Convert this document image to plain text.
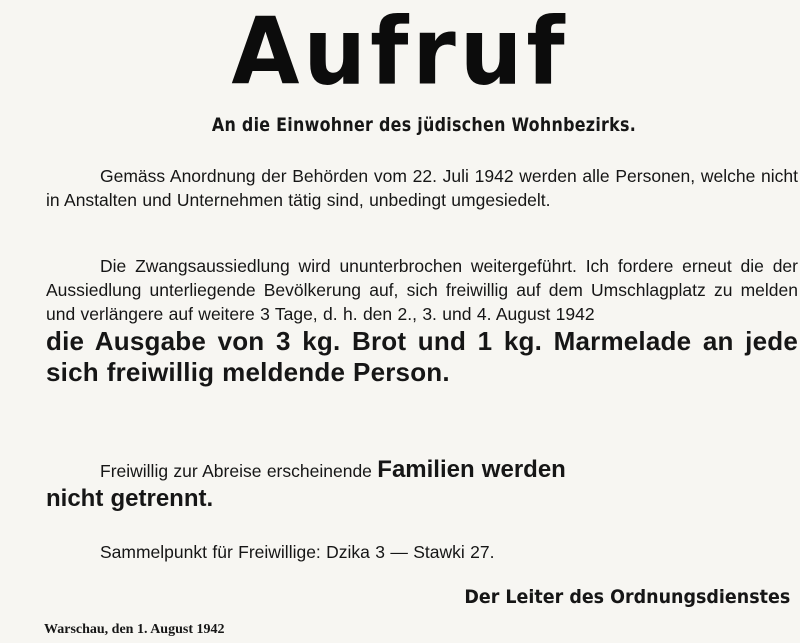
Aufruf
An die Einwohner des jüdischen Wohnbezirks.
Gemäss Anordnung der Behörden vom 22. Juli 1942 werden alle Personen, welche nicht in Anstalten und Unternehmen tätig sind, unbedingt umgesiedelt.
Die Zwangsaussiedlung wird ununterbrochen weitergeführt. Ich fordere erneut die der Aussiedlung unterliegende Bevölkerung auf, sich freiwillig auf dem Umschlagplatz zu melden und verlängere auf weitere 3 Tage, d. h. den 2., 3. und 4. August 1942
die Ausgabe von 3 kg. Brot und 1 kg. Marmelade an jede sich freiwillig meldende Person.
Freiwillig zur Abreise erscheinende Familien werden
nicht getrennt.
Sammelpunkt für Freiwillige: Dzika 3 — Stawki 27.
Der Leiter des Ordnungsdienstes
Warschau, den 1. August 1942
